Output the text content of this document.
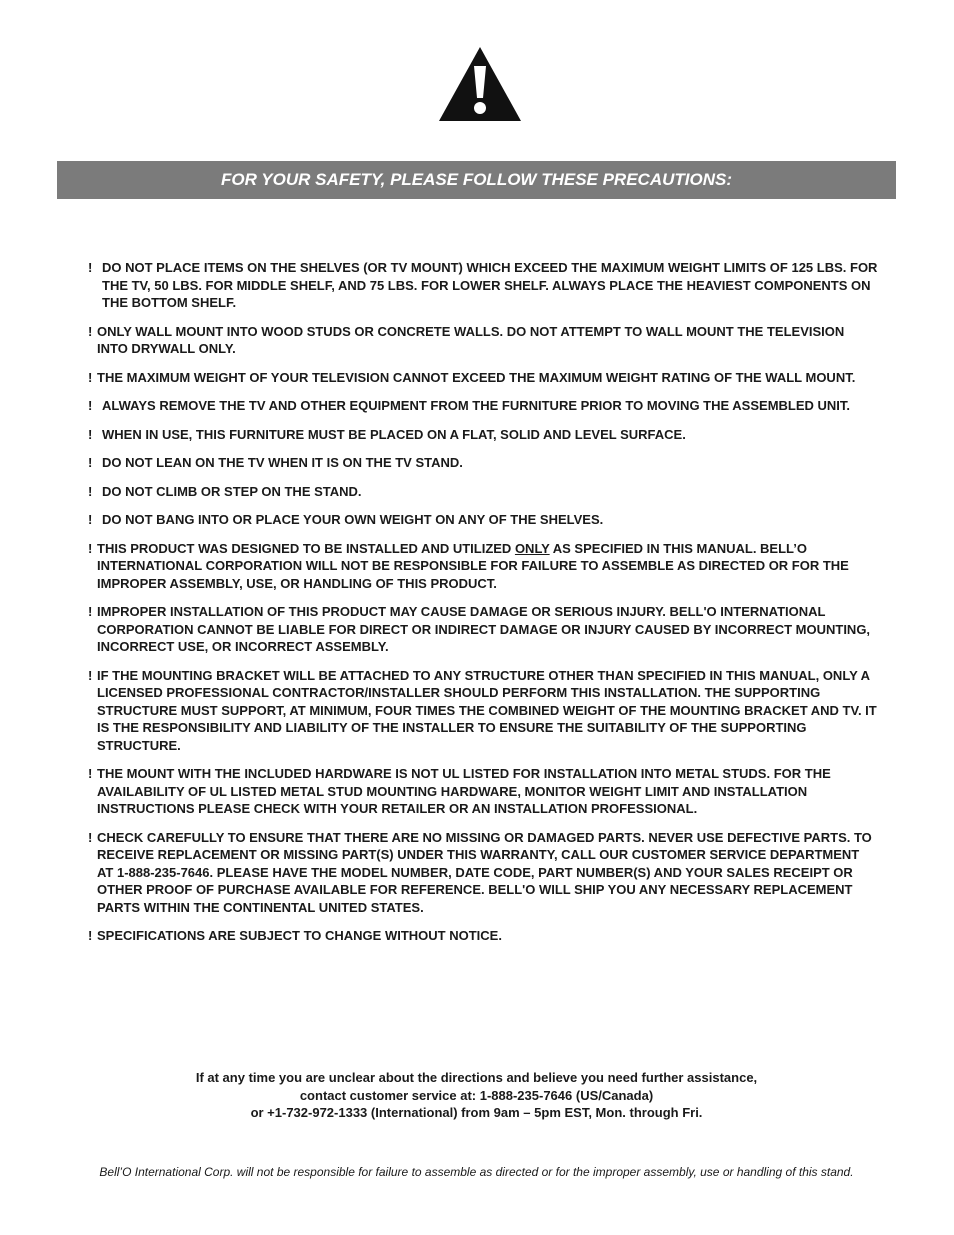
FOR YOUR SAFETY, PLEASE FOLLOW THESE PRECAUTIONS:
! DO NOT PLACE ITEMS ON THE SHELVES (OR TV MOUNT) WHICH EXCEED THE MAXIMUM WEIGHT LIMITS OF 125 LBS. FOR THE TV, 50 LBS. FOR MIDDLE SHELF, AND 75 LBS. FOR LOWER SHELF. ALWAYS PLACE THE HEAVIEST COMPONENTS ON THE BOTTOM SHELF.
! ONLY WALL MOUNT INTO WOOD STUDS OR CONCRETE WALLS. DO NOT ATTEMPT TO WALL MOUNT THE TELEVISION INTO DRYWALL ONLY.
! THE MAXIMUM WEIGHT OF YOUR TELEVISION CANNOT EXCEED THE MAXIMUM WEIGHT RATING OF THE WALL MOUNT.
! ALWAYS REMOVE THE TV AND OTHER EQUIPMENT FROM THE FURNITURE PRIOR TO MOVING THE ASSEMBLED UNIT.
! WHEN IN USE, THIS FURNITURE MUST BE PLACED ON A FLAT, SOLID AND LEVEL SURFACE.
! DO NOT LEAN ON THE TV WHEN IT IS ON THE TV STAND.
! DO NOT CLIMB OR STEP ON THE STAND.
! DO NOT BANG INTO OR PLACE YOUR OWN WEIGHT ON ANY OF THE SHELVES.
! THIS PRODUCT WAS DESIGNED TO BE INSTALLED AND UTILIZED ONLY AS SPECIFIED IN THIS MANUAL. BELL’O INTERNATIONAL CORPORATION WILL NOT BE RESPONSIBLE FOR FAILURE TO ASSEMBLE AS DIRECTED OR FOR THE IMPROPER ASSEMBLY, USE, OR HANDLING OF THIS PRODUCT.
! IMPROPER INSTALLATION OF THIS PRODUCT MAY CAUSE DAMAGE OR SERIOUS INJURY. BELL'O INTERNATIONAL CORPORATION CANNOT BE LIABLE FOR DIRECT OR INDIRECT DAMAGE OR INJURY CAUSED BY INCORRECT MOUNTING, INCORRECT USE, OR INCORRECT ASSEMBLY.
! IF THE MOUNTING BRACKET WILL BE ATTACHED TO ANY STRUCTURE OTHER THAN SPECIFIED IN THIS MANUAL, ONLY A LICENSED PROFESSIONAL CONTRACTOR/INSTALLER SHOULD PERFORM THIS INSTALLATION. THE SUPPORTING STRUCTURE MUST SUPPORT, AT MINIMUM, FOUR TIMES THE COMBINED WEIGHT OF THE MOUNTING BRACKET AND TV. IT IS THE RESPONSIBILITY AND LIABILITY OF THE INSTALLER TO ENSURE THE SUITABILITY OF THE SUPPORTING STRUCTURE.
! THE MOUNT WITH THE INCLUDED HARDWARE IS NOT UL LISTED FOR INSTALLATION INTO METAL STUDS. FOR THE AVAILABILITY OF UL LISTED METAL STUD MOUNTING HARDWARE, MONITOR WEIGHT LIMIT AND INSTALLATION INSTRUCTIONS PLEASE CHECK WITH YOUR RETAILER OR AN INSTALLATION PROFESSIONAL.
! CHECK CAREFULLY TO ENSURE THAT THERE ARE NO MISSING OR DAMAGED PARTS. NEVER USE DEFECTIVE PARTS. TO RECEIVE REPLACEMENT OR MISSING PART(S) UNDER THIS WARRANTY, CALL OUR CUSTOMER SERVICE DEPARTMENT AT 1-888-235-7646. PLEASE HAVE THE MODEL NUMBER, DATE CODE, PART NUMBER(S) AND YOUR SALES RECEIPT OR OTHER PROOF OF PURCHASE AVAILABLE FOR REFERENCE. BELL'O WILL SHIP YOU ANY NECESSARY REPLACEMENT PARTS WITHIN THE CONTINENTAL UNITED STATES.
! SPECIFICATIONS ARE SUBJECT TO CHANGE WITHOUT NOTICE.
If at any time you are unclear about the directions and believe you need further assistance,
contact customer service at: 1-888-235-7646 (US/Canada)
or +1-732-972-1333 (International) from 9am – 5pm EST, Mon. through Fri.
Bell’O International Corp. will not be responsible for failure to assemble as directed or for the improper assembly, use or handling of this stand.
